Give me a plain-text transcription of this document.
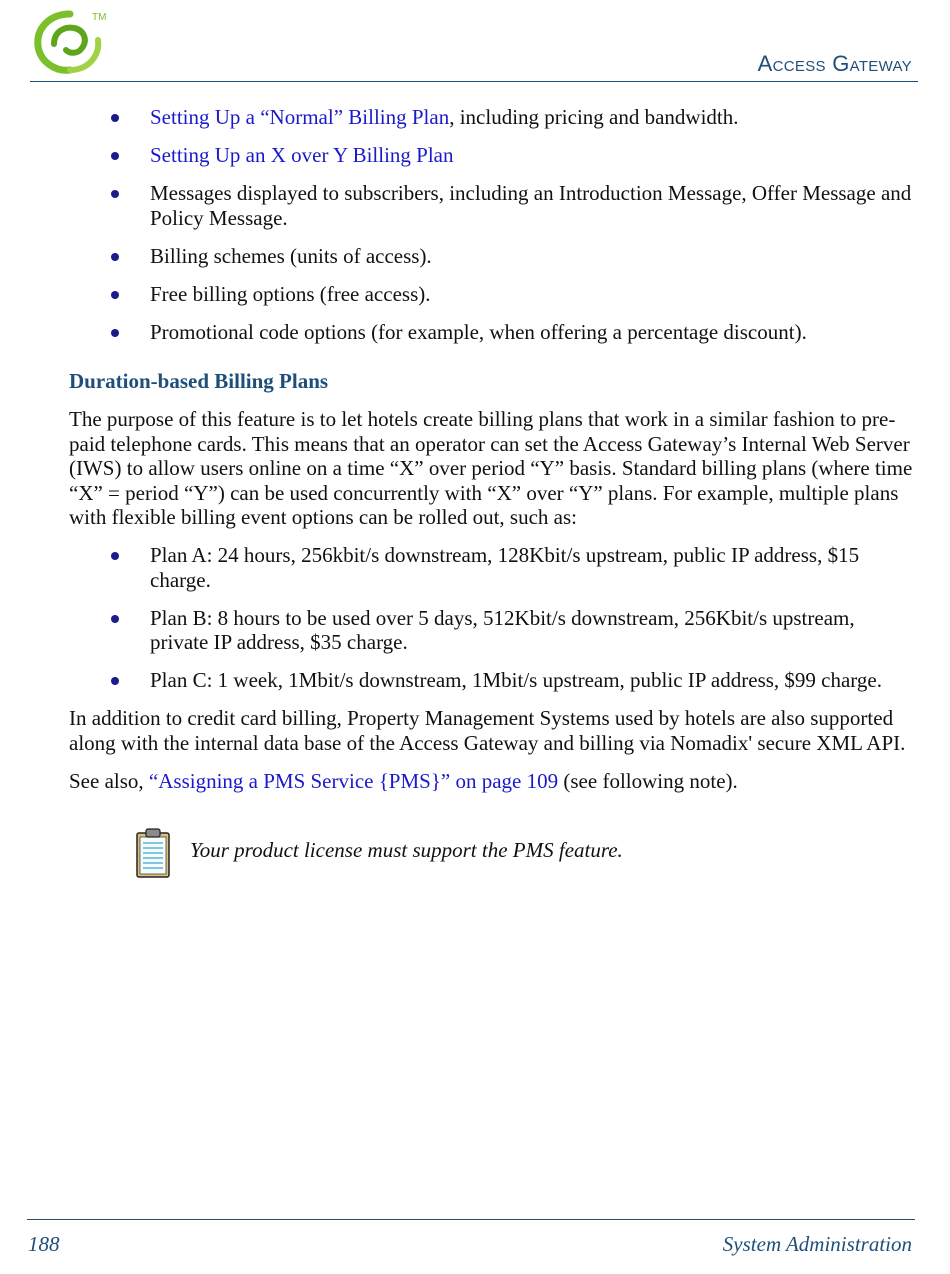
TM
Access Gateway
Setting Up a “Normal” Billing Plan, including pricing and bandwidth.
Setting Up an X over Y Billing Plan
Messages displayed to subscribers, including an Introduction Message, Offer Message and Policy Message.
Billing schemes (units of access).
Free billing options (free access).
Promotional code options (for example, when offering a percentage discount).
Duration-based Billing Plans

The purpose of this feature is to let hotels create billing plans that work in a similar fashion to pre-paid telephone cards. This means that an operator can set the Access Gateway’s Internal Web Server (IWS) to allow users online on a time “X” over period “Y” basis. Standard billing plans (where time “X” = period “Y”) can be used concurrently with “X” over “Y” plans. For example, multiple plans with flexible billing event options can be rolled out, such as:

Plan A: 24 hours, 256kbit/s downstream, 128Kbit/s upstream, public IP address, $15 charge.
Plan B: 8 hours to be used over 5 days, 512Kbit/s downstream, 256Kbit/s upstream, private IP address, $35 charge.
Plan C: 1 week, 1Mbit/s downstream, 1Mbit/s upstream, public IP address, $99 charge.

In addition to credit card billing, Property Management Systems used by hotels are also supported along with the internal data base of the Access Gateway and billing via Nomadix' secure XML API.

See also, “Assigning a PMS Service {PMS}” on page 109 (see following note).

Your product license must support the PMS feature.
188	System Administration
